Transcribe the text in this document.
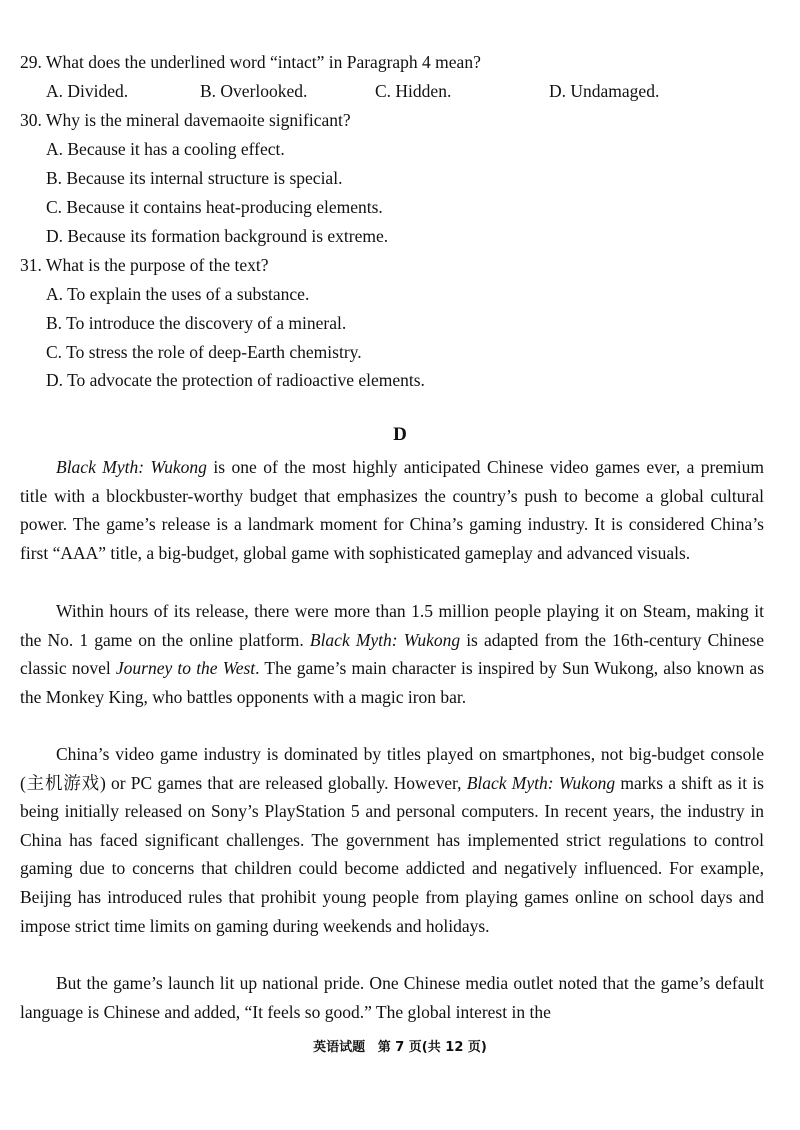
29. What does the underlined word “intact” in Paragraph 4 mean?
A. Divided.	B. Overlooked.	C. Hidden.	D. Undamaged.
30. Why is the mineral davemaoite significant?
A. Because it has a cooling effect.
B. Because its internal structure is special.
C. Because it contains heat-producing elements.
D. Because its formation background is extreme.
31. What is the purpose of the text?
A. To explain the uses of a substance.
B. To introduce the discovery of a mineral.
C. To stress the role of deep-Earth chemistry.
D. To advocate the protection of radioactive elements.
D

Black Myth: Wukong is one of the most highly anticipated Chinese video games ever, a premium title with a blockbuster-worthy budget that emphasizes the country’s push to become a global cultural power. The game’s release is a landmark moment for China’s gaming industry. It is considered China’s first “AAA” title, a big-budget, global game with sophisticated gameplay and advanced visuals.

Within hours of its release, there were more than 1.5 million people playing it on Steam, making it the No. 1 game on the online platform. Black Myth: Wukong is adapted from the 16th-century Chinese classic novel Journey to the West. The game’s main character is inspired by Sun Wukong, also known as the Monkey King, who battles opponents with a magic iron bar.

China’s video game industry is dominated by titles played on smartphones, not big-budget console (主机游戏) or PC games that are released globally. However, Black Myth: Wukong marks a shift as it is being initially released on Sony’s PlayStation 5 and personal computers. In recent years, the industry in China has faced significant challenges. The government has implemented strict regulations to control gaming due to concerns that children could become addicted and negatively influenced. For example, Beijing has introduced rules that prohibit young people from playing games online on school days and impose strict time limits on gaming during weekends and holidays.

But the game’s launch lit up national pride. One Chinese media outlet noted that the game’s default language is Chinese and added, “It feels so good.” The global interest in the

英语试题 第 7 页(共 12 页)
